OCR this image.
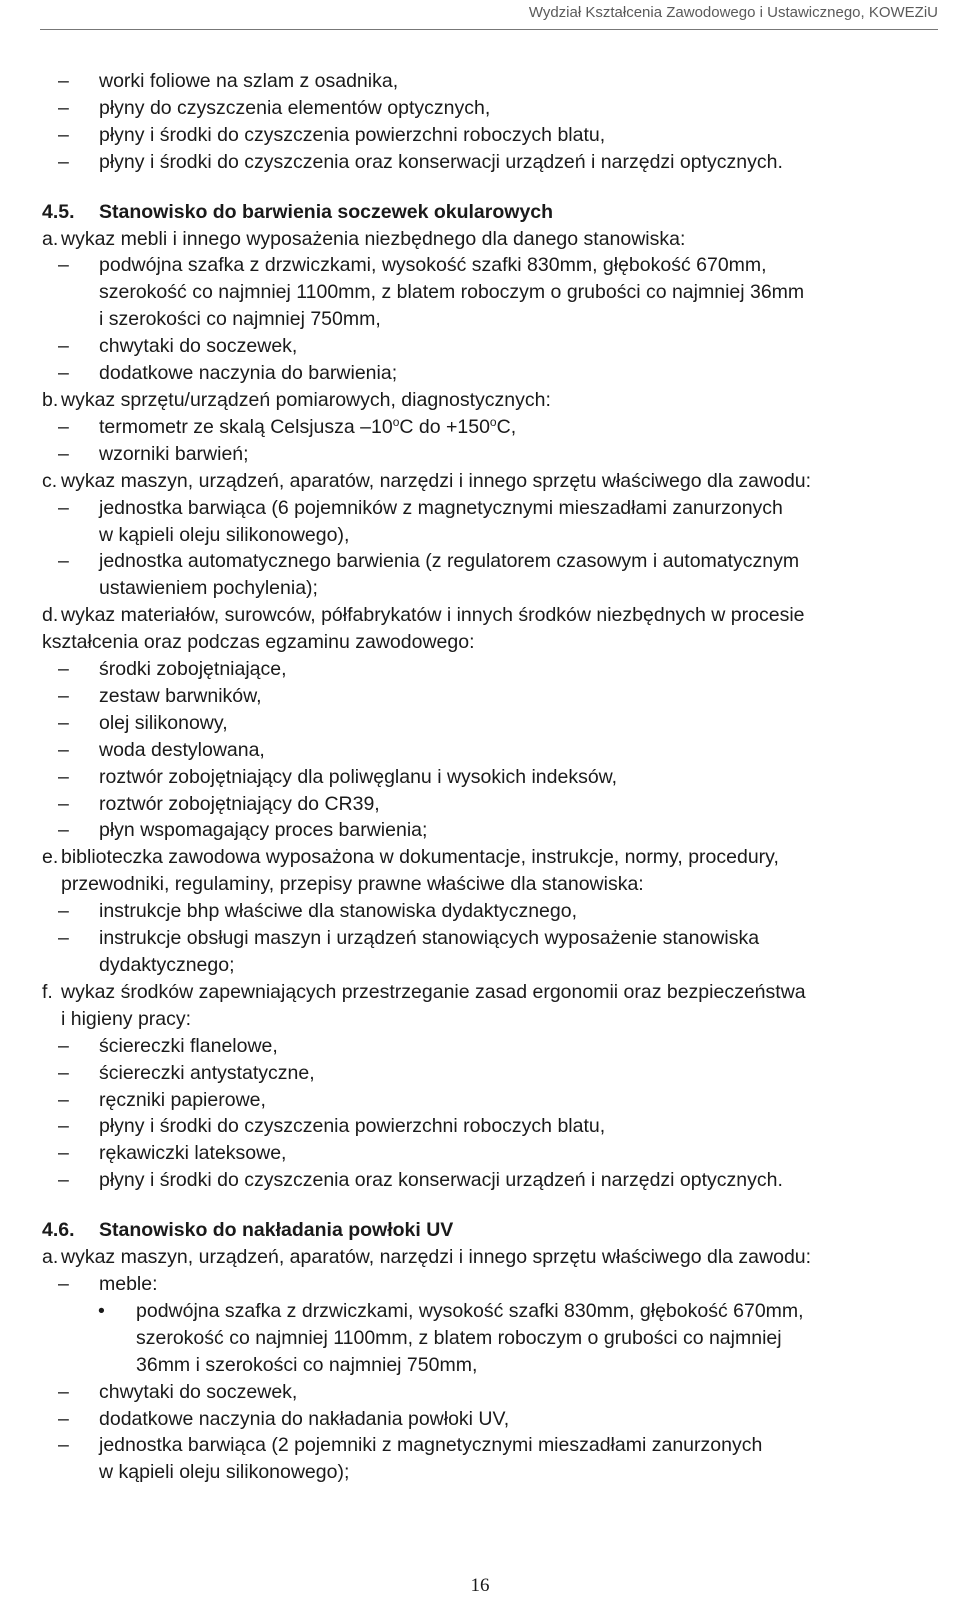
Wydział Kształcenia Zawodowego i Ustawicznego, KOWEZiU
– worki foliowe na szlam z osadnika,
– płyny do czyszczenia elementów optycznych,
– płyny i środki do czyszczenia powierzchni roboczych blatu,
– płyny i środki do czyszczenia oraz konserwacji urządzeń i narzędzi optycznych.
4.5. Stanowisko do barwienia soczewek okularowych
a. wykaz mebli i innego wyposażenia niezbędnego dla danego stanowiska:
– podwójna szafka z drzwiczkami, wysokość szafki 830mm, głębokość 670mm,
szerokość co najmniej 1100mm, z blatem roboczym o grubości co najmniej 36mm
i szerokości co najmniej 750mm,
– chwytaki do soczewek,
– dodatkowe naczynia do barwienia;
b. wykaz sprzętu/urządzeń pomiarowych, diagnostycznych:
– termometr ze skalą Celsjusza –10$^o$C do $+150^oC$,
– wzorniki barwień;
c. wykaz maszyn, urządzeń, aparatów, narzędzi i innego sprzętu właściwego dla zawodu:
– jednostka barwiąca (6 pojemników z magnetycznymi mieszadłami zanurzonych
w kąpieli oleju silikonowego),
– jednostka automatycznego barwienia (z regulatorem czasowym i automatycznym
ustawieniem pochylenia);
d. wykaz materiałów, surowców, półfabrykatów i innych środków niezbędnych w procesie
kształcenia oraz podczas egzaminu zawodowego:
– środki zobojętniające,
– zestaw barwników,
– olej silikonowy,
– woda destylowana,
– roztwór zobojętniający dla poliwęglanu i wysokich indeksów,
– roztwór zobojętniający do CR39,
– płyn wspomagający proces barwienia;
e. biblioteczka zawodowa wyposażona w dokumentacje, instrukcje, normy, procedury,
przewodniki, regulaminy, przepisy prawne właściwe dla stanowiska:
– instrukcje bhp właściwe dla stanowiska dydaktycznego,
– instrukcje obsługi maszyn i urządzeń stanowiących wyposażenie stanowiska
dydaktycznego;
f. wykaz środków zapewniających przestrzeganie zasad ergonomii oraz bezpieczeństwa
i higieny pracy:
– ściereczki flanelowe,
– ściereczki antystatyczne,
– ręczniki papierowe,
– płyny i środki do czyszczenia powierzchni roboczych blatu,
– rękawiczki lateksowe,
– płyny i środki do czyszczenia oraz konserwacji urządzeń i narzędzi optycznych.
4.6. Stanowisko do nakładania powłoki UV
a. wykaz maszyn, urządzeń, aparatów, narzędzi i innego sprzętu właściwego dla zawodu:
– meble:
• podwójna szafka z drzwiczkami, wysokość szafki 830mm, głębokość 670mm,
szerokość co najmniej 1100mm, z blatem roboczym o grubości co najmniej
36mm i szerokości co najmniej 750mm,
– chwytaki do soczewek,
– dodatkowe naczynia do nakładania powłoki UV,
– jednostka barwiąca (2 pojemniki z magnetycznymi mieszadłami zanurzonych
w kąpieli oleju silikonowego);
16
